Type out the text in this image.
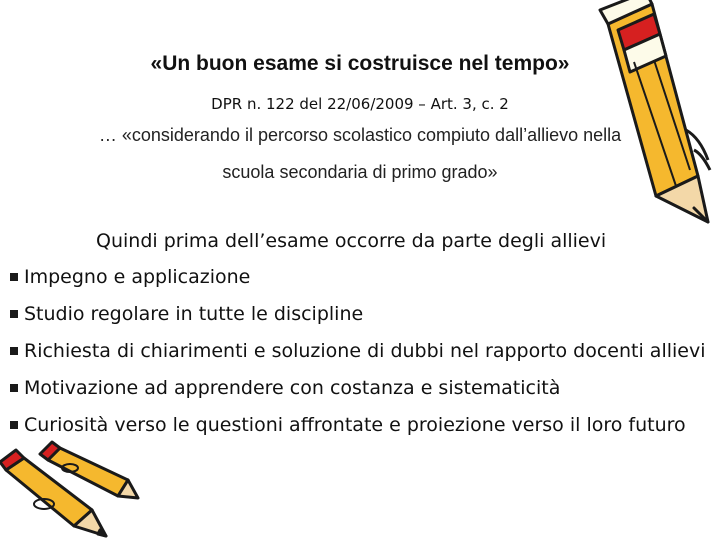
«Un buon esame si costruisce nel tempo»
DPR n. 122 del 22/06/2009 – Art. 3, c. 2
… «considerando il percorso scolastico compiuto dall’allievo nella
scuola secondaria di primo grado»
Quindi prima dell’esame occorre da parte degli allievi
Impegno e applicazione
Studio regolare in tutte le discipline
Richiesta di chiarimenti e soluzione di dubbi nel rapporto docenti allievi
Motivazione ad apprendere con costanza e sistematicità
Curiosità verso le questioni affrontate e proiezione verso il loro futuro
